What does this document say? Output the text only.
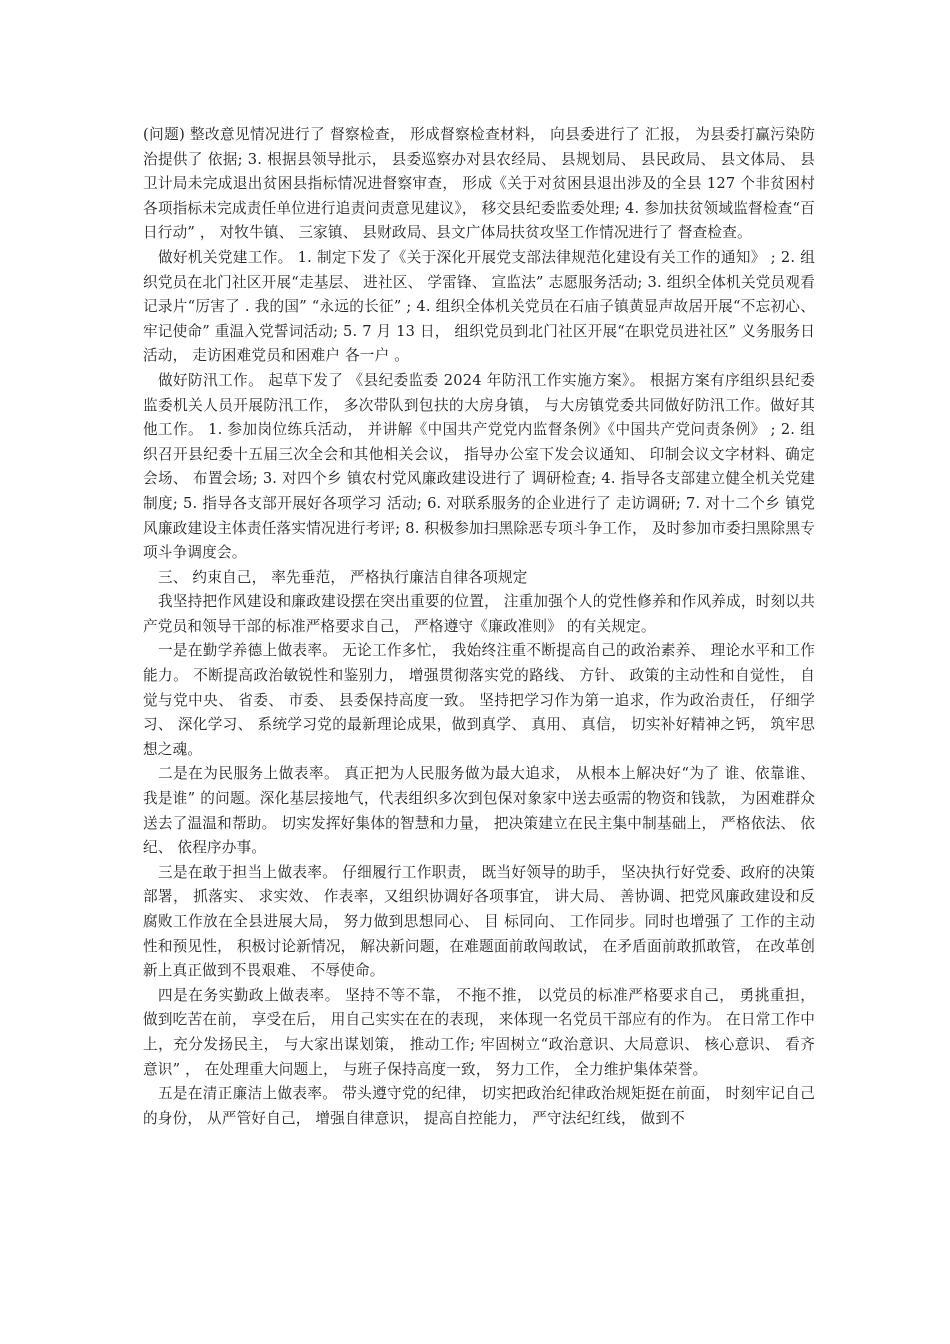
(问题) 整改意见情况进行了 督察检查， 形成督察检查材料， 向县委进行了 汇报， 为县委打赢污染防治提供了 依据; 3. 根据县领导批示， 县委巡察办对县农经局、 县规划局、 县民政局、 县文体局、 县卫计局未完成退出贫困县指标情况进督察审查， 形成《关于对贫困县退出涉及的全县 127 个非贫困村各项指标未完成责任单位进行追责问责意见建议》， 移交县纪委监委处理; 4. 参加扶贫领域监督检查“百日行动” ， 对牧牛镇、 三家镇、 县财政局、县文广体局扶贫攻坚工作情况进行了 督查检查。

做好机关党建工作。 1. 制定下发了《关于深化开展党支部法律规范化建设有关工作的通知》 ; 2. 组织党员在北门社区开展“走基层、 进社区、 学雷锋、 宣监法” 志愿服务活动; 3. 组织全体机关党员观看记录片“厉害了 . 我的国” “永远的长征” ; 4. 组织全体机关党员在石庙子镇黄显声故居开展“不忘初心、 牢记使命” 重温入党誓词活动; 5. 7 月 13 日， 组织党员到北门社区开展“在职党员进社区” 义务服务日活动， 走访困难党员和困难户 各一户 。

做好防汛工作。 起草下发了 《县纪委监委 2024 年防汛工作实施方案》。 根据方案有序组织县纪委监委机关人员开展防汛工作， 多次带队到包扶的大房身镇， 与大房镇党委共同做好防汛工作。做好其他工作。 1. 参加岗位练兵活动， 并讲解《中国共产党党内监督条例》《中国共产党问责条例》 ; 2. 组织召开县纪委十五届三次全会和其他相关会议， 指导办公室下发会议通知、 印制会议文字材料、确定会场、 布置会场; 3. 对四个乡 镇农村党风廉政建设进行了 调研检查; 4. 指导各支部建立健全机关党建制度; 5. 指导各支部开展好各项学习 活动; 6. 对联系服务的企业进行了 走访调研; 7. 对十二个乡 镇党风廉政建设主体责任落实情况进行考评; 8. 积极参加扫黑除恶专项斗争工作， 及时参加市委扫黑除黑专项斗争调度会。

三、 约束自己， 率先垂范， 严格执行廉洁自律各项规定

我坚持把作风建设和廉政建设摆在突出重要的位置， 注重加强个人的党性修养和作风养成，时刻以共产党员和领导干部的标准严格要求自己， 严格遵守《廉政准则》 的有关规定。

一是在勤学养德上做表率。 无论工作多忙， 我始终注重不断提高自己的政治素养、 理论水平和工作能力。 不断提高政治敏锐性和鉴别力， 增强贯彻落实党的路线、 方针、 政策的主动性和自觉性， 自觉与党中央、 省委、 市委、 县委保持高度一致。 坚持把学习作为第一追求，作为政治责任， 仔细学习、 深化学习、 系统学习党的最新理论成果，做到真学、 真用、 真信， 切实补好精神之钙， 筑牢思想之魂。

二是在为民服务上做表率。 真正把为人民服务做为最大追求， 从根本上解决好“为了 谁、依靠谁、 我是谁” 的问题。深化基层接地气，代表组织多次到包保对象家中送去亟需的物资和钱款， 为困难群众送去了温温和帮助。 切实发挥好集体的智慧和力量， 把决策建立在民主集中制基础上， 严格依法、 依纪、 依程序办事。

三是在敢于担当上做表率。 仔细履行工作职责， 既当好领导的助手， 坚决执行好党委、政府的决策部署， 抓落实、 求实效、 作表率，又组织协调好各项事宜， 讲大局、 善协调、把党风廉政建设和反腐败工作放在全县进展大局， 努力做到思想同心、 目 标同向、 工作同步。同时也增强了 工作的主动性和预见性， 积极讨论新情况， 解决新问题，在难题面前敢闯敢试， 在矛盾面前敢抓敢管， 在改革创新上真正做到不畏艰难、 不辱使命。

四是在务实勤政上做表率。 坚持不等不靠， 不拖不推， 以党员的标准严格要求自己， 勇挑重担， 做到吃苦在前， 享受在后， 用自己实实在在的表现， 来体现一名党员干部应有的作为。 在日常工作中上，充分发扬民主， 与大家出谋划策， 推动工作; 牢固树立“政治意识、大局意识、 核心意识、 看齐意识” ， 在处理重大问题上， 与班子保持高度一致， 努力工作， 全力维护集体荣誉。

五是在清正廉洁上做表率。 带头遵守党的纪律， 切实把政治纪律政治规矩挺在前面， 时刻牢记自己的身份， 从严管好自己， 增强自律意识， 提高自控能力， 严守法纪红线， 做到不
